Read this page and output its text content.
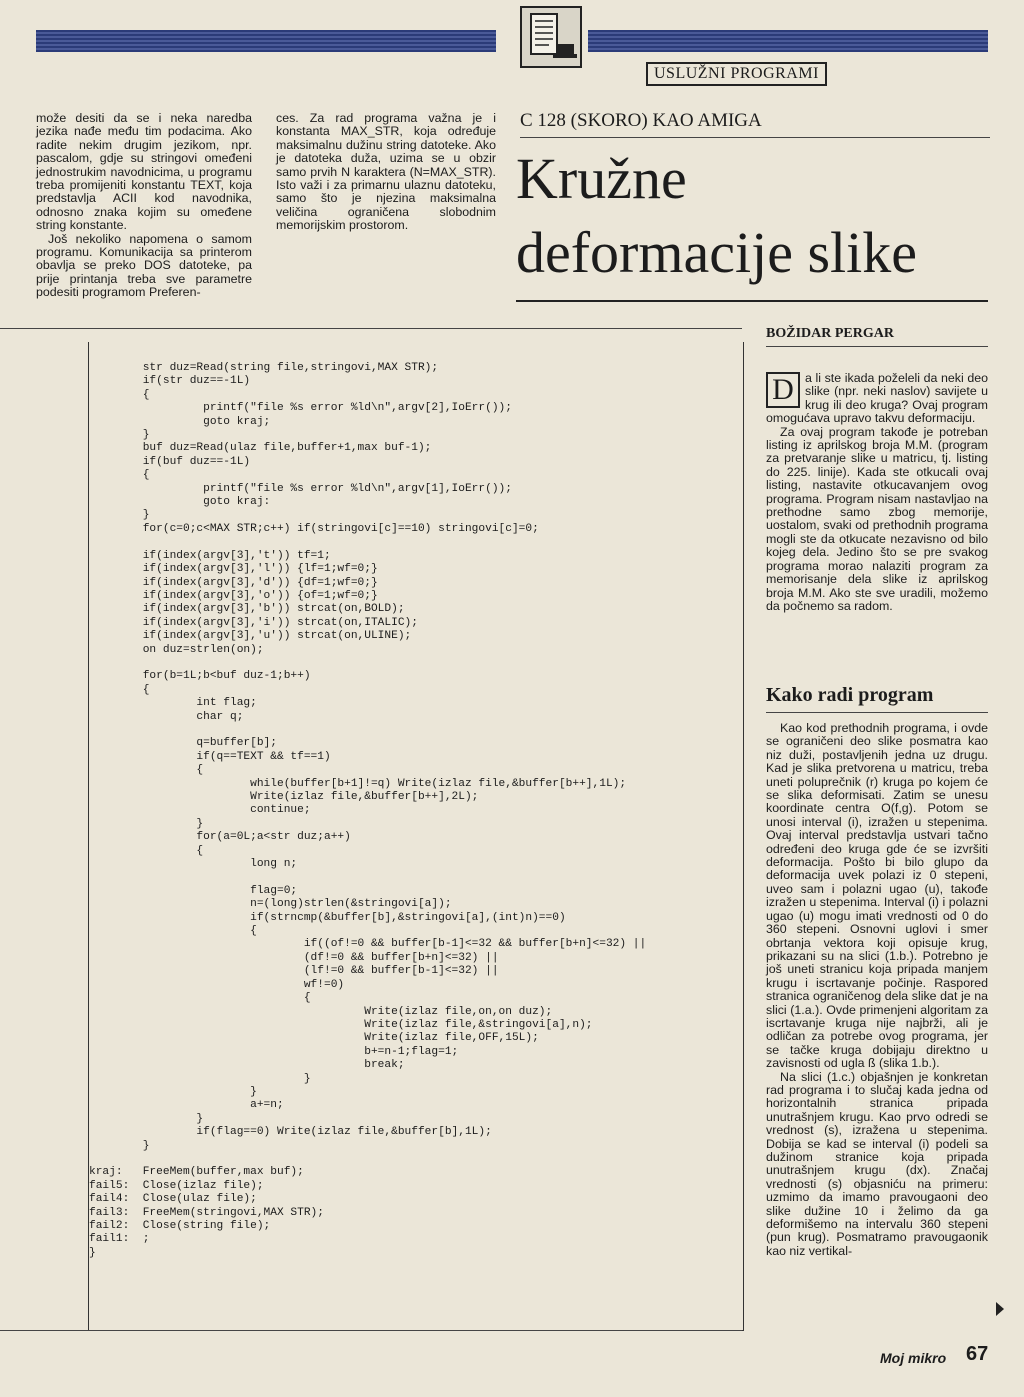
USLUŽNI PROGRAMI

može desiti da se i neka naredba jezika nađe među tim podacima. Ako radite nekim drugim jezikom, npr. pascalom, gdje su stringovi omeđeni jednostrukim navodnicima, u programu treba promijeniti konstantu TEXT, koja predstavlja ACII kod navodnika, odnosno znaka kojim su omeđene string konstante.

Još nekoliko napomena o samom programu. Komunikacija sa printerom obavlja se preko DOS datoteke, pa prije printanja treba sve parametre podesiti programom Preferen-

ces. Za rad programa važna je i konstanta MAX_STR, koja određuje maksimalnu dužinu string datoteke. Ako je datoteka duža, uzima se u obzir samo prvih N karaktera (N=MAX_STR). Isto važi i za primarnu ulaznu datoteku, samo što je njezina maksimalna veličina ograničena slobodnim memorijskim prostorom.

C 128 (SKORO) KAO AMIGA
Kružne
deformacije slike
str duz=Read(string file,stringovi,MAX STR);
if(str duz==-1L)
{
printf("file %s error %ld\n",argv[2],IoErr());
goto kraj;
}
buf duz=Read(ulaz file,buffer+1,max buf-1);
if(buf duz==-1L)
{
printf("file %s error %ld\n",argv[1],IoErr());
goto kraj:
}
for(c=0;c<MAX STR;c++) if(stringovi[c]==10) stringovi[c]=0;

if(index(argv[3],'t')) tf=1;
if(index(argv[3],'l')) {lf=1;wf=0;}
if(index(argv[3],'d')) {df=1;wf=0;}
if(index(argv[3],'o')) {of=1;wf=0;}
if(index(argv[3],'b')) strcat(on,BOLD);
if(index(argv[3],'i')) strcat(on,ITALIC);
if(index(argv[3],'u')) strcat(on,ULINE);
on duz=strlen(on);

for(b=1L;b<buf duz-1;b++)
{
int flag;
char q;

q=buffer[b];
if(q==TEXT && tf==1)
{
while(buffer[b+1]!=q) Write(izlaz file,&buffer[b++],1L);
Write(izlaz file,&buffer[b++],2L);
continue;
}
for(a=0L;a<str duz;a++)
{
long n;

flag=0;
n=(long)strlen(&stringovi[a]);
if(strncmp(&buffer[b],&stringovi[a],(int)n)==0)
{
if((of!=0 && buffer[b-1]<=32 && buffer[b+n]<=32) ||
(df!=0 && buffer[b+n]<=32) ||
(lf!=0 && buffer[b-1]<=32) ||
wf!=0)
{
Write(izlaz file,on,on duz);
Write(izlaz file,&stringovi[a],n);
Write(izlaz file,OFF,15L);
b+=n-1;flag=1;
break;
}
}
a+=n;
}
if(flag==0) Write(izlaz file,&buffer[b],1L);
}

kraj:   FreeMem(buffer,max buf);
fail5:  Close(izlaz file);
fail4:  Close(ulaz file);
fail3:  FreeMem(stringovi,MAX STR);
fail2:  Close(string file);
fail1:  ;
}

BOŽIDAR PERGAR
D a li ste ikada poželeli da neki deo slike (npr. neki naslov) savijete u krug ili deo kruga? Ovaj program omogućava upravo takvu deformaciju.

Za ovaj program takođe je potreban listing iz aprilskog broja M.M. (program za pretvaranje slike u matricu, tj. listing do 225. linije). Kada ste otkucali ovaj listing, nastavite otkucavanjem ovog programa. Program nisam nastavljao na prethodne samo zbog memorije, uostalom, svaki od prethodnih programa mogli ste da otkucate nezavisno od bilo kojeg dela. Jedino što se pre svakog programa morao nalaziti program za memorisanje dela slike iz aprilskog broja M.M. Ako ste sve uradili, možemo da počnemo sa radom.

Kako radi program

Kao kod prethodnih programa, i ovde se ograničeni deo slike posmatra kao niz duži, postavljenih jedna uz drugu. Kad je slika pretvorena u matricu, treba uneti poluprečnik (r) kruga po kojem će se slika deformisati. Zatim se unesu koordinate centra O(f,g). Potom se unosi interval (i), izražen u stepenima. Ovaj interval predstavlja ustvari tačno određeni deo kruga gde će se izvršiti deformacija. Pošto bi bilo glupo da deformacija uvek polazi iz 0 stepeni, uveo sam i polazni ugao (u), takođe izražen u stepenima. Interval (i) i polazni ugao (u) mogu imati vrednosti od 0 do 360 stepeni. Osnovni uglovi i smer obrtanja vektora koji opisuje krug, prikazani su na slici (1.b.). Potrebno je još uneti stranicu koja pripada manjem krugu i iscrtavanje počinje. Raspored stranica ograničenog dela slike dat je na slici (1.a.). Ovde primenjeni algoritam za iscrtavanje kruga nije najbrži, ali je odličan za potrebe ovog programa, jer se tačke kruga dobijaju direktno u zavisnosti od ugla ß (slika 1.b.).

Na slici (1.c.) objašnjen je konkretan rad programa i to slučaj kada jedna od horizontalnih stranica pripada unutrašnjem krugu. Kao prvo odredi se vrednost (s), izražena u stepenima. Dobija se kad se interval (i) podeli sa dužinom stranice koja pripada unutrašnjem krugu (dx). Značaj vrednosti (s) objasniću na primeru: uzmimo da imamo pravougaoni deo slike dužine 10 i želimo da ga deformišemo na intervalu 360 stepeni (pun krug). Posmatramo pravougaonik kao niz vertikal-

Moj mikro 67
